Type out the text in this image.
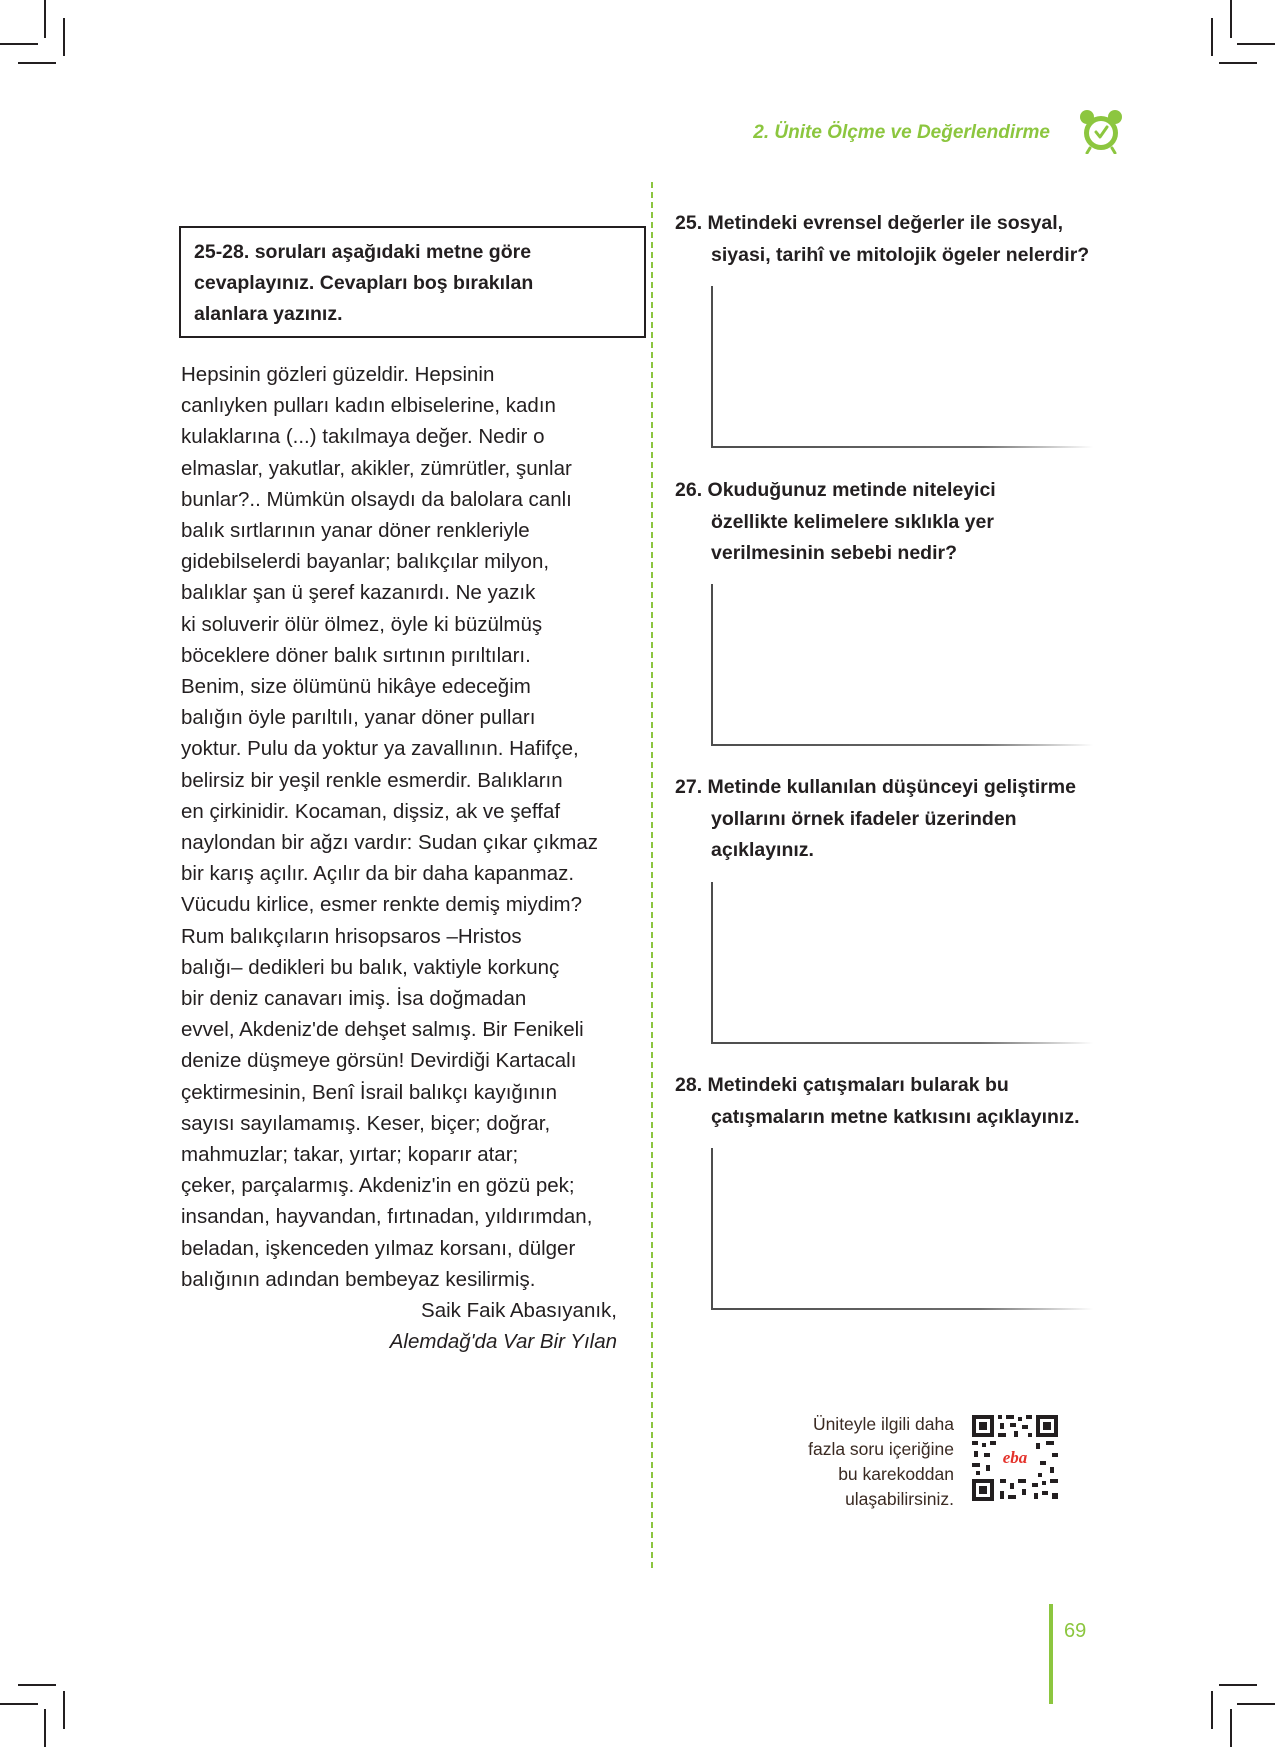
2. Ünite Ölçme ve Değerlendirme
25-28. soruları aşağıdaki metne göre
cevaplayınız. Cevapları boş bırakılan
alanlara yazınız.

Hepsinin gözleri güzeldir. Hepsinin

canlıyken pulları kadın elbiselerine, kadın

kulaklarına (...) takılmaya değer. Nedir o

elmaslar, yakutlar, akikler, zümrütler, şunlar

bunlar?.. Mümkün olsaydı da balolara canlı

balık sırtlarının yanar döner renkleriyle

gidebilselerdi bayanlar; balıkçılar milyon,

balıklar şan ü şeref kazanırdı. Ne yazık

ki soluverir ölür ölmez, öyle ki büzülmüş

böceklere döner balık sırtının pırıltıları.

Benim, size ölümünü hikâye edeceğim

balığın öyle parıltılı, yanar döner pulları

yoktur. Pulu da yoktur ya zavallının. Hafifçe,

belirsiz bir yeşil renkle esmerdir. Balıkların

en çirkinidir. Kocaman, dişsiz, ak ve şeffaf

naylondan bir ağzı vardır: Sudan çıkar çıkmaz

bir karış açılır. Açılır da bir daha kapanmaz.

Vücudu kirlice, esmer renkte demiş miydim?

Rum balıkçıların hrisopsaros –Hristos

balığı– dedikleri bu balık, vaktiyle korkunç

bir deniz canavarı imiş. İsa doğmadan

evvel, Akdeniz'de dehşet salmış. Bir Fenikeli

denize düşmeye görsün! Devirdiği Kartacalı

çektirmesinin, Benî İsrail balıkçı kayığının

sayısı sayılamamış. Keser, biçer; doğrar,

mahmuzlar; takar, yırtar; koparır atar;

çeker, parçalarmış. Akdeniz'in en gözü pek;

insandan, hayvandan, fırtınadan, yıldırımdan,

beladan, işkenceden yılmaz korsanı, dülger

balığının adından bembeyaz kesilirmiş.

Saik Faik Abasıyanık,

Alemdağ'da Var Bir Yılan

25. Metindeki evrensel değerler ile sosyal,
siyasi, tarihî ve mitolojik ögeler nelerdir?
26. Okuduğunuz metinde niteleyici
özellikte kelimelere sıklıkla yer
verilmesinin sebebi nedir?
27. Metinde kullanılan düşünceyi geliştirme
yollarını örnek ifadeler üzerinden
açıklayınız.
28. Metindeki çatışmaları bularak bu
çatışmaların metne katkısını açıklayınız.
Üniteyle ilgili daha
fazla soru içeriğine
bu karekoddan
ulaşabilirsiniz.
eba
69
